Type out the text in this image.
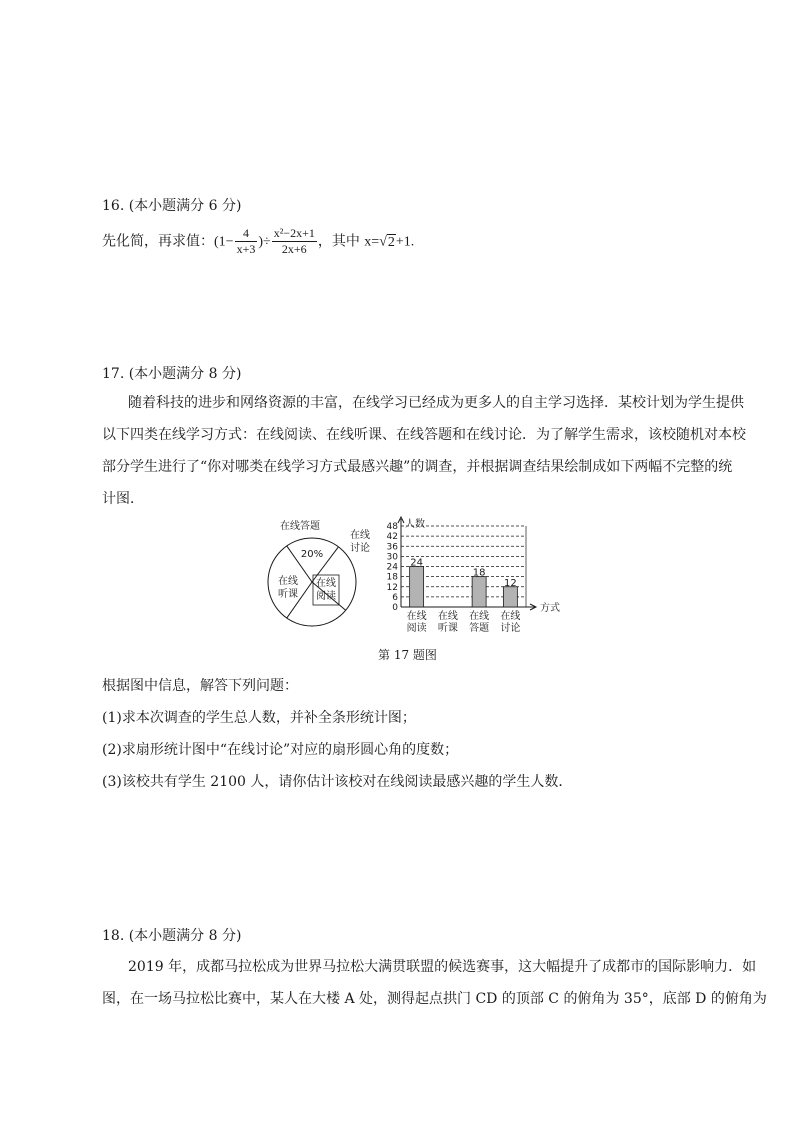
16. (本小题满分 6 分)
先化简，再求值：($1- \frac{4}{x+3}$ )÷ $\frac{\text{x²−2x+1}}{2x+6}$ ，其中 x=√2+1.
17. (本小题满分 8 分)
随着科技的进步和网络资源的丰富，在线学习已经成为更多人的自主学习选择．某校计划为学生提供
以下四类在线学习方式：在线阅读、在线听课、在线答题和在线讨论．为了解学生需求，该校随机对本校
部分学生进行了“你对哪类在线学习方式最感兴趣”的调查，并根据调查结果绘制成如下两幅不完整的统
计图．
在线答题
在线
讨论
在线
阅读
在线
听课
20%
人数
方式
0
6
12
18
24
30
36
42
48
24
18
12
在线
阅读
在线
听课
在线
答题
在线
讨论
第 17 题图
根据图中信息，解答下列问题：
(1)求本次调查的学生总人数，并补全条形统计图；
(2)求扇形统计图中“在线讨论”对应的扇形圆心角的度数；
(3)该校共有学生 2100 人，请你估计该校对在线阅读最感兴趣的学生人数．
18. (本小题满分 8 分)
2019 年，成都马拉松成为世界马拉松大满贯联盟的候选赛事，这大幅提升了成都市的国际影响力．如
图，在一场马拉松比赛中，某人在大楼 A 处，测得起点拱门 CD 的顶部 C 的俯角为 35°，底部 D 的俯角为
